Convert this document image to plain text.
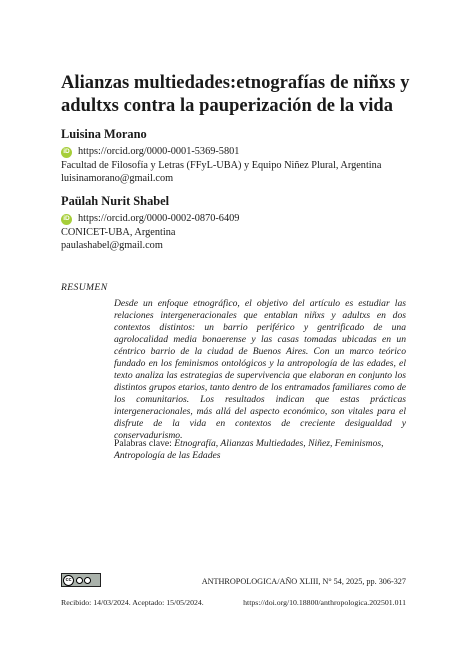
Alianzas multiedades:etnografías de niñxs y adultxs contra la pauperización de la vida
Luisina Morano
iD https://orcid.org/0000-0001-5369-5801
Facultad de Filosofía y Letras (FFyL-UBA) y Equipo Niñez Plural, Argentina
luisinamorano@gmail.com
Paülah Nurit Shabel
iD https://orcid.org/0000-0002-0870-6409
CONICET-UBA, Argentina
paulashabel@gmail.com
RESUMEN
Desde un enfoque etnográfico, el objetivo del artículo es estudiar las relaciones intergeneracionales que entablan niñxs y adultxs en dos contextos distintos: un barrio periférico y gentrificado de una agrolocalidad media bonaerense y las casas tomadas ubicadas en un céntrico barrio de la ciudad de Buenos Aires. Con un marco teórico fundado en los feminismos ontológicos y la antropología de las edades, el texto analiza las estrategias de supervivencia que elaboran en conjunto los distintos grupos etarios, tanto dentro de los entramados familiares como de los comunitarios. Los resultados indican que estas prácticas intergeneracionales, más allá del aspecto económico, son vitales para el disfrute de la vida en contextos de creciente desigualdad y conservadurismo.
Palabras clave: Etnografía, Alianzas Multiedades, Niñez, Feminismos, Antropología de las Edades
cc	ANTHROPOLOGICA/AÑO XLIII, N° 54, 2025, pp. 306-327
Recibido: 14/03/2024. Aceptado: 15/05/2024.	https://doi.org/10.18800/anthropologica.202501.011
